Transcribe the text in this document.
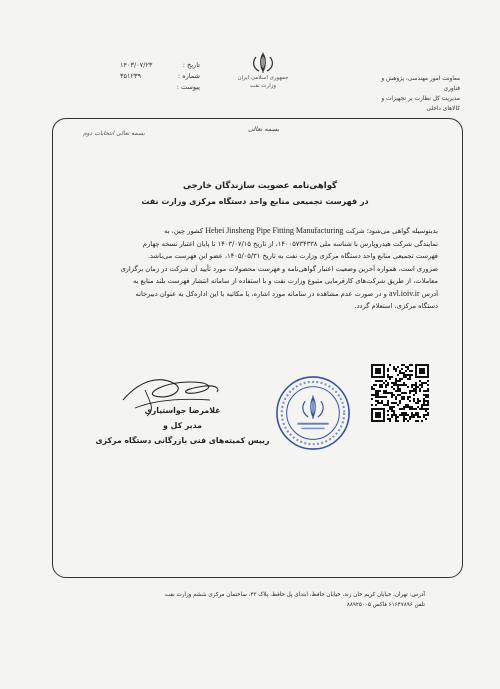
تاریخ :
۱۴۰۳/۰۷/۲۳
شماره :
۳۵۱۲۳۹
پیوست :
جمهوری اسلامی ایران
وزارت نفت
معاونت امور مهندسی، پژوهش و فناوری
مدیریت کل نظارت بر تجهیزات و کالاهای داخلی
بسمه تعالی انتخابات دوم
بسمه تعالی
گواهی‌نامه عضویت سازندگان خارجی
در فهرست تجمیعی منابع واحد دستگاه مرکزی وزارت نفت

بدینوسیله گواهی می‌شود؛ شرکت Hebei Jinsheng Pipe Fitting Manufacturing کشور چین، به

نمایندگی شرکت هیدروپارس با شناسه ملی ۱۴۰۰۵۷۳۴۳۳۸، از تاریخ ۱۴۰۳/۰۷/۱۵ تا پایان اعتبار نسخه چهارم

فهرست تجمیعی منابع واحد دستگاه مرکزی وزارت نفت به تاریخ ۱۴۰۵/۰۵/۳۱، عضو این فهرست می‌باشد.

ضروری است، همواره آخرین وضعیت اعتبار گواهی‌نامه و فهرست محصولات مورد تأیید آن شرکت در زمان برگزاری

معاملات، از طریق شرکت‌های کارفرمایی متبوع وزارت نفت و با استفاده از سامانه انتشار فهرست بلند منابع به

آدرس avl.ioiv.ir و در صورت عدم مشاهده در سامانه مورد اشاره، با مکاتبه با این اداره‌کل به عنوان دبیرخانه

دستگاه مرکزی، استعلام گردد.

غلامرضا جواستیاری
مدیر کل و
رییس کمیته‌های فنی بازرگانی دستگاه مرکزی
آدرس: تهران، خیابان کریم خان زند، خیابان حافظ، ابتدای پل حافظ، پلاک ۴۳، ساختمان مرکزی ششم وزارت نفت
تلفن ۶۱۶۴۷۸۹۶ فاکس ۸۸۹۲۵۰۰۵
